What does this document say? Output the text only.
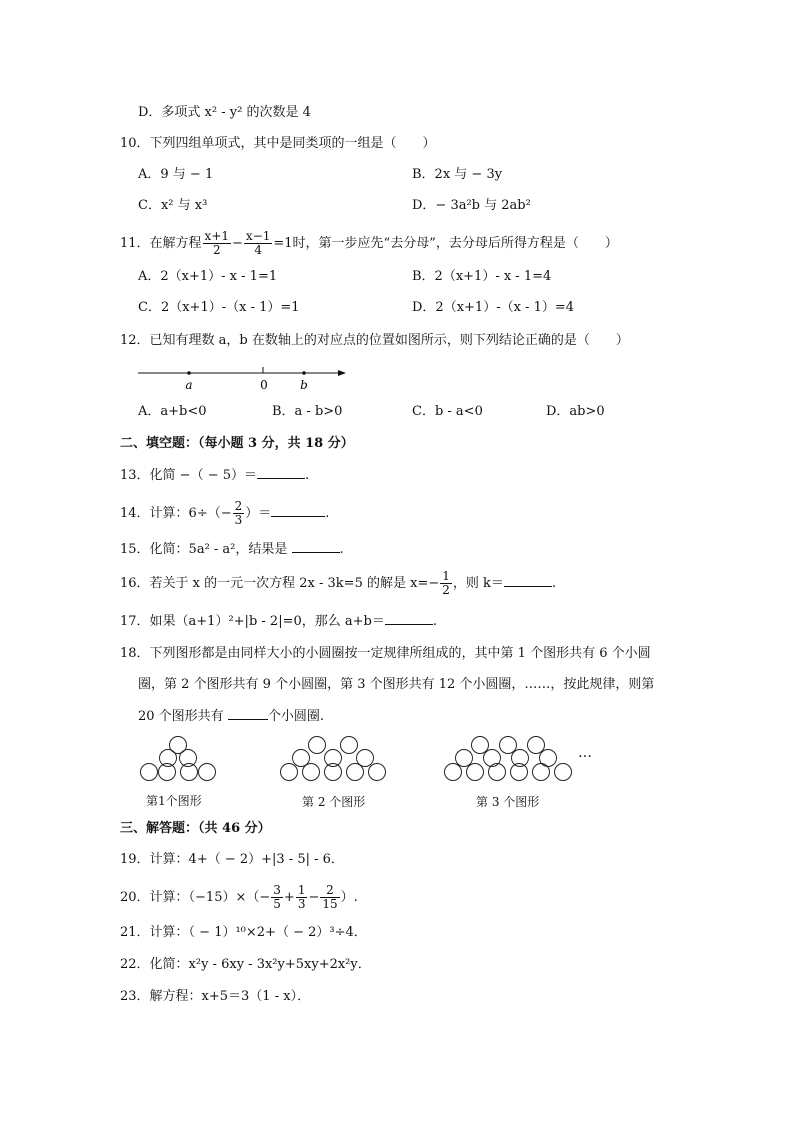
D．多项式 x² - y² 的次数是 4
10．下列四组单项式，其中是同类项的一组是（　　）
A．9 与 − 1	B．2x 与 − 3y
C．x² 与 x³	D．− 3a²b 与 2ab²
11．在解方程 $\frac{x+1}{2} - \frac{x-1}{4} =1$时，第一步应先“去分母”，去分母后所得方程是（　　）
A．2（x+1）- x - 1=1	B．2（x+1）- x - 1=4
C．2（x+1）-（x - 1）=1	D．2（x+1）-（x - 1）=4
12．已知有理数 a，b 在数轴上的对应点的位置如图所示，则下列结论正确的是（　　）
a	0	b
A．a+b<0	B．a - b>0	C．b - a<0	D．ab>0
二、填空题：（每小题 3 分，共 18 分）
13．化简 −（ − 5）＝	.
14．计算：$6\div(- \frac{2}{3}$ ）＝	.
15．化简：5a² - a²，结果是	.
16．若关于 x 的一元一次方程 2x - 3k=5 的解是 $x=- \frac{1}{2}$ ，则 k＝	.
17．如果（a+1）²+|b - 2|=0，那么 a+b＝	.
18．下列图形都是由同样大小的小圆圈按一定规律所组成的，其中第 1 个图形共有 6 个小圆
圈，第 2 个图形共有 9 个小圆圈，第 3 个图形共有 12 个小圆圈，……，按此规律，则第
20 个图形共有	个小圆圈.
…
第1个图形	第 2 个图形	第 3 个图形
三、解答题：（共 46 分）
19．计算：4+（ − 2）+|3 - 5| - 6．
20．计算：$(-15)\times(- \frac{3}{5} + \frac{1}{3} - \frac{2}{15}$ ）.
21．计算：（ − 1）¹⁰×2+（ − 2）³÷4．
22．化简：x²y - 6xy - 3x²y+5xy+2x²y．
23．解方程：x+5＝3（1 - x）．
